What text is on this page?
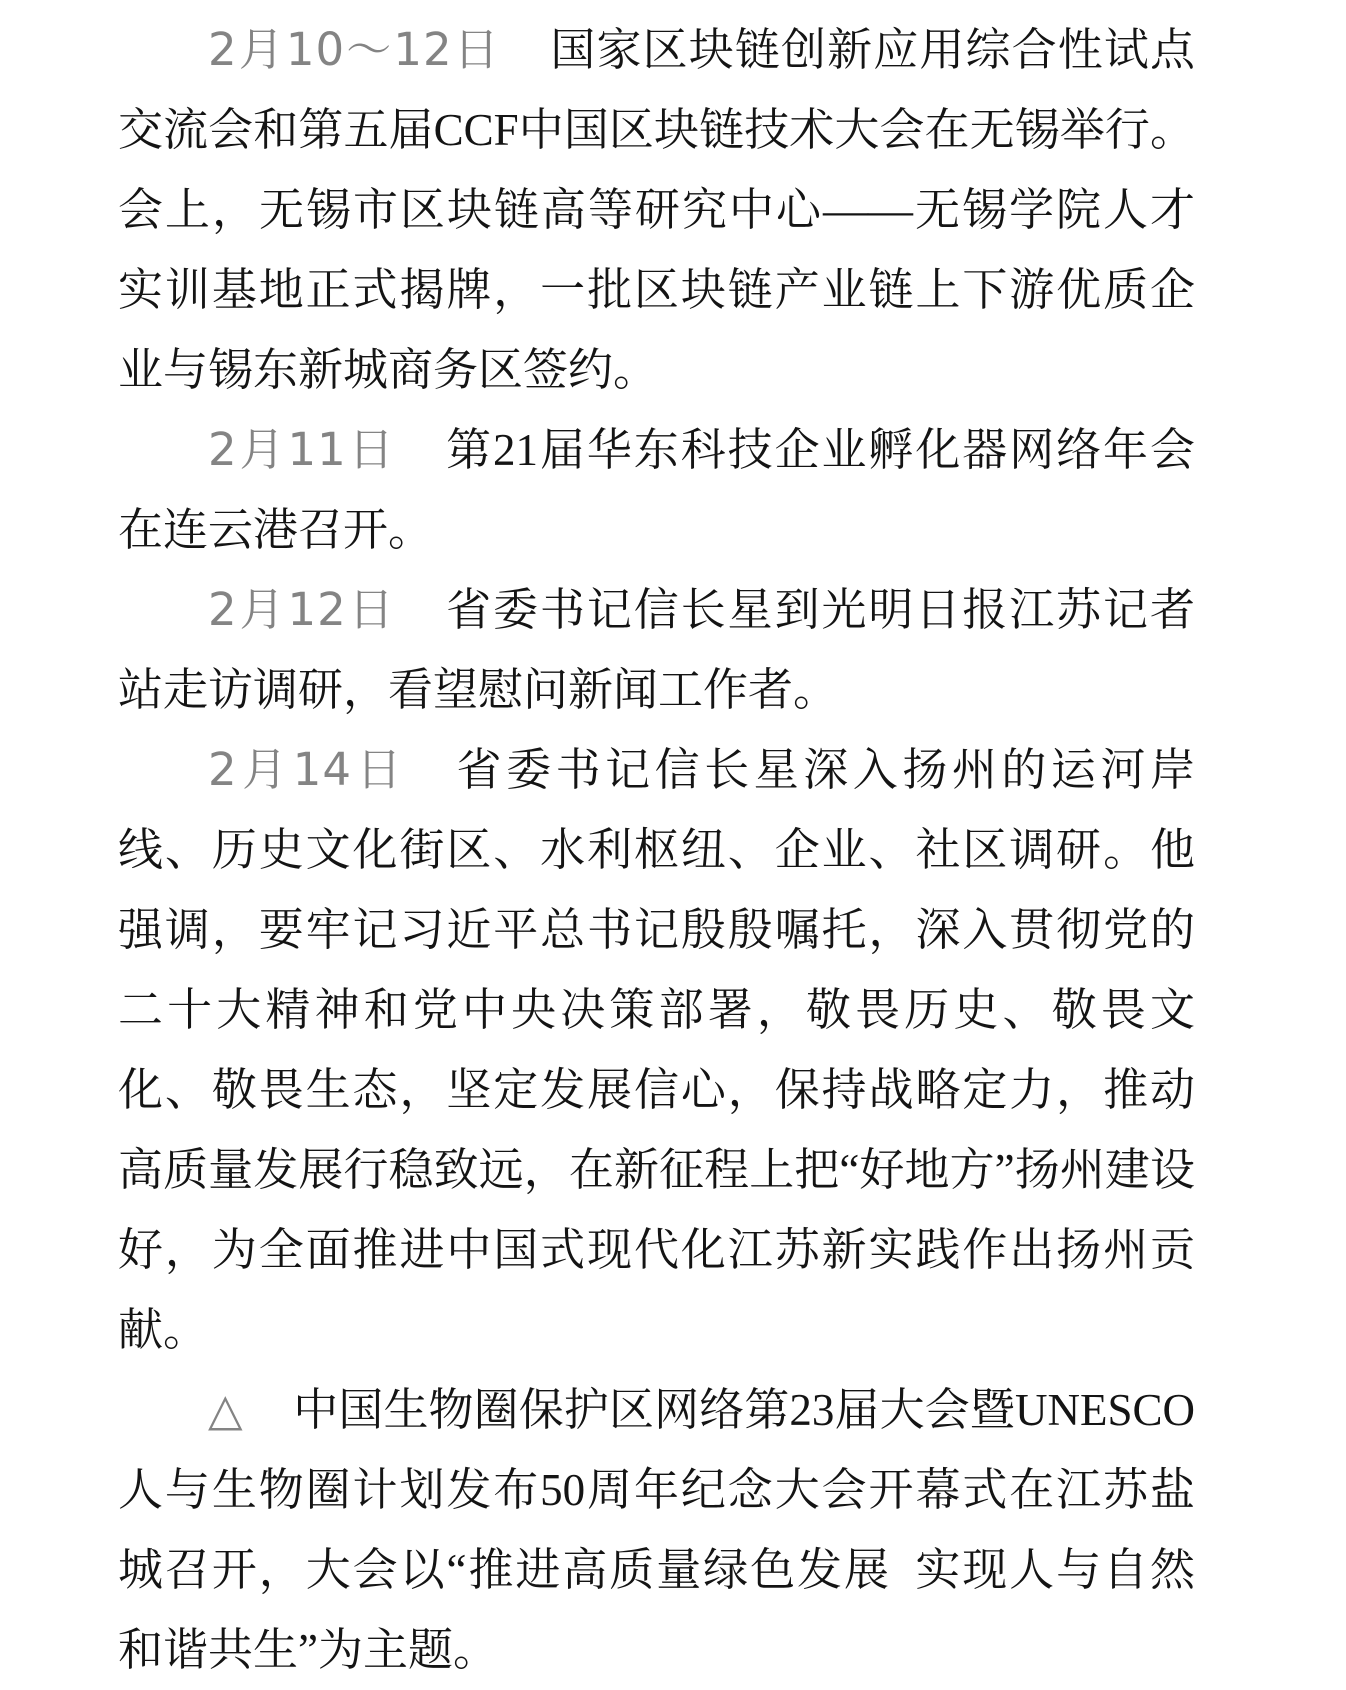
2月10～12日 国家区块链创新应用综合性试点交流会和第五届CCF中国区块链技术大会在无锡举行。会上，无锡市区块链高等研究中心——无锡学院人才实训基地正式揭牌，一批区块链产业链上下游优质企业与锡东新城商务区签约。

2月11日 第21届华东科技企业孵化器网络年会在连云港召开。

2月12日 省委书记信长星到光明日报江苏记者站走访调研，看望慰问新闻工作者。

2月14日 省委书记信长星深入扬州的运河岸线、历史文化街区、水利枢纽、企业、社区调研。他强调，要牢记习近平总书记殷殷嘱托，深入贯彻党的二十大精神和党中央决策部署，敬畏历史、敬畏文化、敬畏生态，坚定发展信心，保持战略定力，推动高质量发展行稳致远，在新征程上把“好地方”扬州建设好，为全面推进中国式现代化江苏新实践作出扬州贡献。

△ 中国生物圈保护区网络第23届大会暨UNESCO人与生物圈计划发布50周年纪念大会开幕式在江苏盐城召开，大会以“推进高质量绿色发展 实现人与自然和谐共生”为主题。
